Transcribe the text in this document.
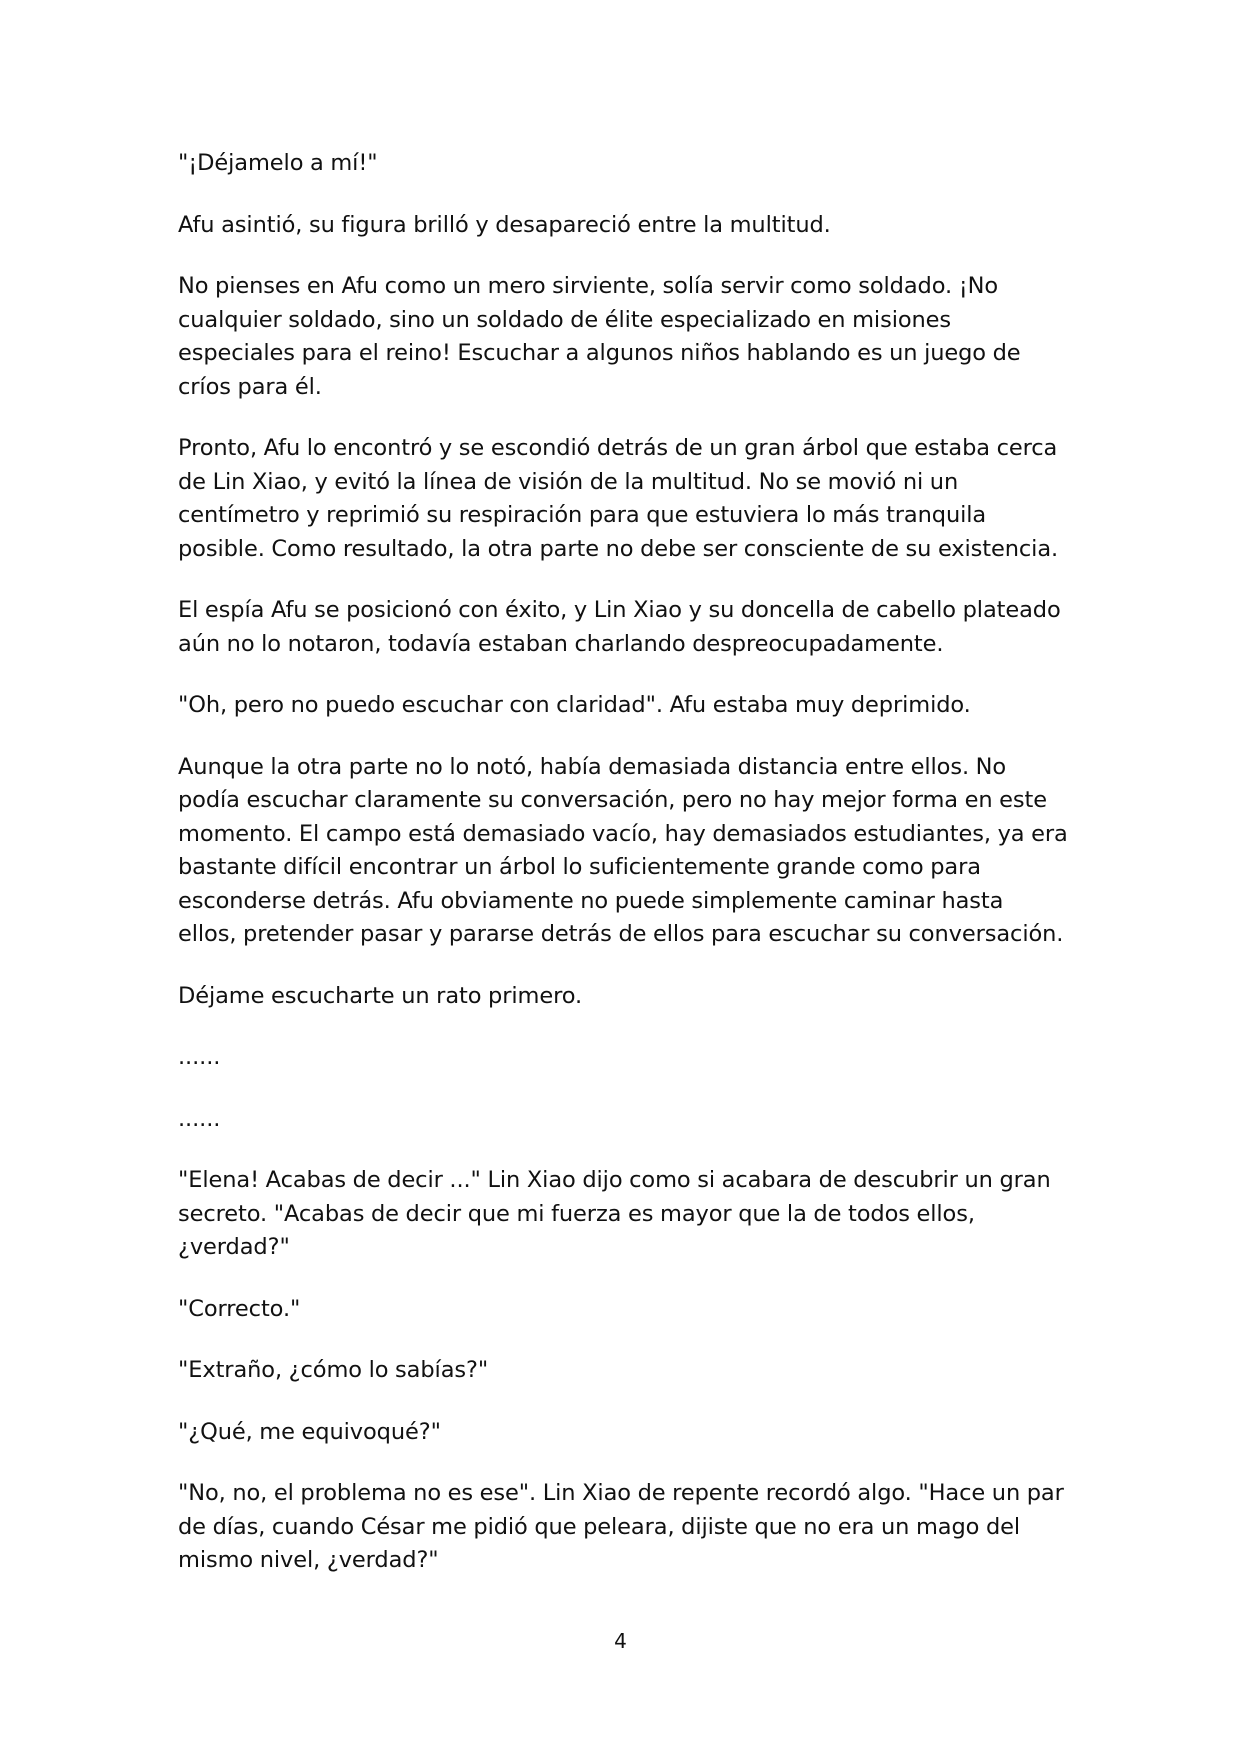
"¡Déjamelo a mí!"

Afu asintió, su figura brilló y desapareció entre la multitud.

No pienses en Afu como un mero sirviente, solía servir como soldado. ¡No cualquier soldado, sino un soldado de élite especializado en misiones especiales para el reino! Escuchar a algunos niños hablando es un juego de críos para él.

Pronto, Afu lo encontró y se escondió detrás de un gran árbol que estaba cerca de Lin Xiao, y evitó la línea de visión de la multitud. No se movió ni un centímetro y reprimió su respiración para que estuviera lo más tranquila posible. Como resultado, la otra parte no debe ser consciente de su existencia.

El espía Afu se posicionó con éxito, y Lin Xiao y su doncella de cabello plateado aún no lo notaron, todavía estaban charlando despreocupadamente.

"Oh, pero no puedo escuchar con claridad". Afu estaba muy deprimido.

Aunque la otra parte no lo notó, había demasiada distancia entre ellos. No podía escuchar claramente su conversación, pero no hay mejor forma en este momento. El campo está demasiado vacío, hay demasiados estudiantes, ya era bastante difícil encontrar un árbol lo suficientemente grande como para esconderse detrás. Afu obviamente no puede simplemente caminar hasta ellos, pretender pasar y pararse detrás de ellos para escuchar su conversación.

Déjame escucharte un rato primero.

......

......

"Elena! Acabas de decir ..." Lin Xiao dijo como si acabara de descubrir un gran secreto. "Acabas de decir que mi fuerza es mayor que la de todos ellos, ¿verdad?"

"Correcto."

"Extraño, ¿cómo lo sabías?"

"¿Qué, me equivoqué?"

"No, no, el problema no es ese". Lin Xiao de repente recordó algo. "Hace un par de días, cuando César me pidió que peleara, dijiste que no era un mago del mismo nivel, ¿verdad?"

4
